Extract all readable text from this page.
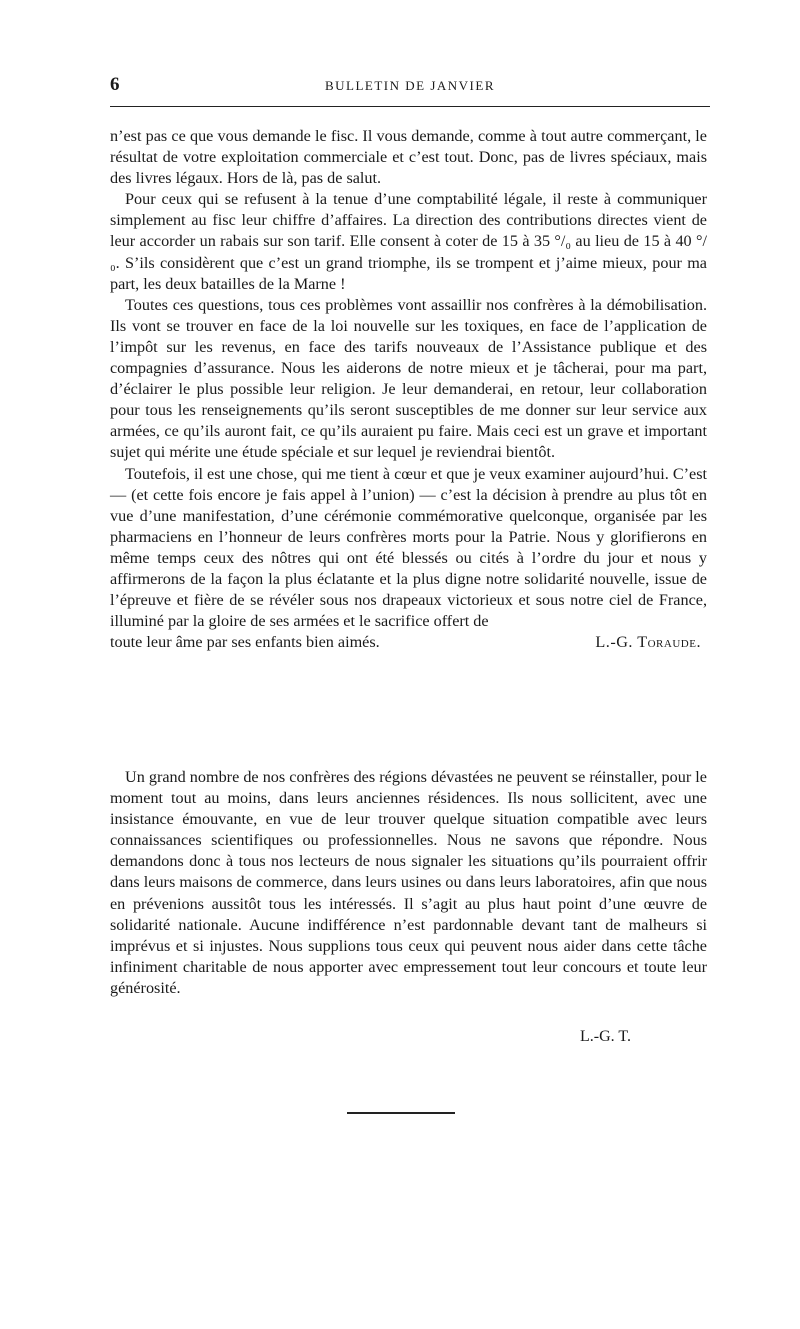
6	BULLETIN DE JANVIER

n’est pas ce que vous demande le fisc. Il vous demande, comme à tout autre commerçant, le résultat de votre exploitation commerciale et c’est tout. Donc, pas de livres spéciaux, mais des livres légaux. Hors de là, pas de salut.

Pour ceux qui se refusent à la tenue d’une comptabilité légale, il reste à communiquer simplement au fisc leur chiffre d’affaires. La direction des contributions directes vient de leur accorder un rabais sur son tarif. Elle consent à coter de 15 à 35 °/₀ au lieu de 15 à 40 °/₀. S’ils considèrent que c’est un grand triomphe, ils se trompent et j’aime mieux, pour ma part, les deux batailles de la Marne !

Toutes ces questions, tous ces problèmes vont assaillir nos confrères à la démobilisation. Ils vont se trouver en face de la loi nouvelle sur les toxiques, en face de l’application de l’impôt sur les revenus, en face des tarifs nouveaux de l’Assistance publique et des compagnies d’assurance. Nous les aiderons de notre mieux et je tâcherai, pour ma part, d’éclairer le plus possible leur religion. Je leur demanderai, en retour, leur collaboration pour tous les renseignements qu’ils seront susceptibles de me donner sur leur service aux armées, ce qu’ils auront fait, ce qu’ils auraient pu faire. Mais ceci est un grave et important sujet qui mérite une étude spéciale et sur lequel je reviendrai bientôt.

Toutefois, il est une chose, qui me tient à cœur et que je veux examiner aujourd’hui. C’est — (et cette fois encore je fais appel à l’union) — c’est la décision à prendre au plus tôt en vue d’une manifestation, d’une cérémonie commémorative quelconque, organisée par les pharmaciens en l’honneur de leurs confrères morts pour la Patrie. Nous y glorifierons en même temps ceux des nôtres qui ont été blessés ou cités à l’ordre du jour et nous y affirmerons de la façon la plus éclatante et la plus digne notre solidarité nouvelle, issue de l’épreuve et fière de se révéler sous nos drapeaux victorieux et sous notre ciel de France, illuminé par la gloire de ses armées et le sacrifice offert de

toute leur âme par ses enfants bien aimés.	L.-G. Toraude.

Un grand nombre de nos confrères des régions dévastées ne peuvent se réinstaller, pour le moment tout au moins, dans leurs anciennes résidences. Ils nous sollicitent, avec une insistance émouvante, en vue de leur trouver quelque situation compatible avec leurs connaissances scientifiques ou professionnelles. Nous ne savons que répondre. Nous demandons donc à tous nos lecteurs de nous signaler les situations qu’ils pourraient offrir dans leurs maisons de commerce, dans leurs usines ou dans leurs laboratoires, afin que nous en prévenions aussitôt tous les intéressés. Il s’agit au plus haut point d’une œuvre de solidarité nationale. Aucune indifférence n’est pardonnable devant tant de malheurs si imprévus et si injustes. Nous supplions tous ceux qui peuvent nous aider dans cette tâche infiniment charitable de nous apporter avec empressement tout leur concours et toute leur générosité.

L.-G. T.
